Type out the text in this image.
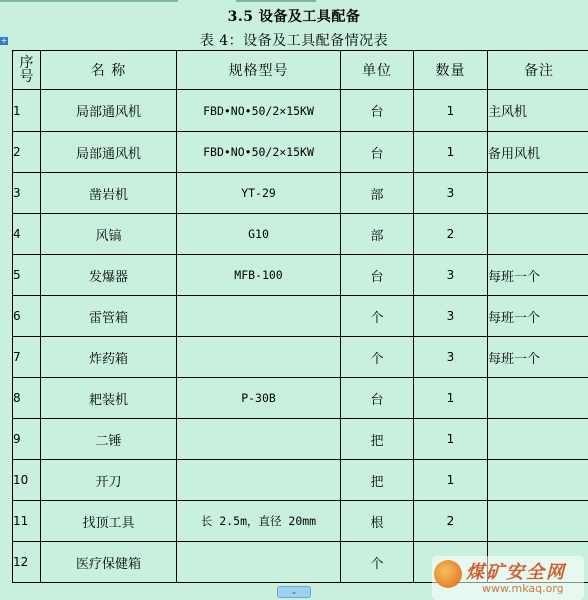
3.5 设备及工具配备
+	表 4：设备及工具配备情况表
序
号	名 称	规格型号	单位	数量	备注
1	局部通风机	FBD•NO•50/2×15KW	台	1	主风机
2	局部通风机	FBD•NO•50/2×15KW	台	1	备用风机
3	凿岩机	YT-29	部	3	
4	风镐	G10	部	2	
5	发爆器	MFB-100	台	3	每班一个
6	雷管箱		个	3	每班一个
7	炸药箱		个	3	每班一个
8	耙装机	P-30B	台	1	
9	二锤		把	1	
10	开刀		把	1	
11	找顶工具	长 2.5m，直径 20mm	根	2	
12	医疗保健箱		个		
⌄
煤矿安全网
www.mkaq.org
